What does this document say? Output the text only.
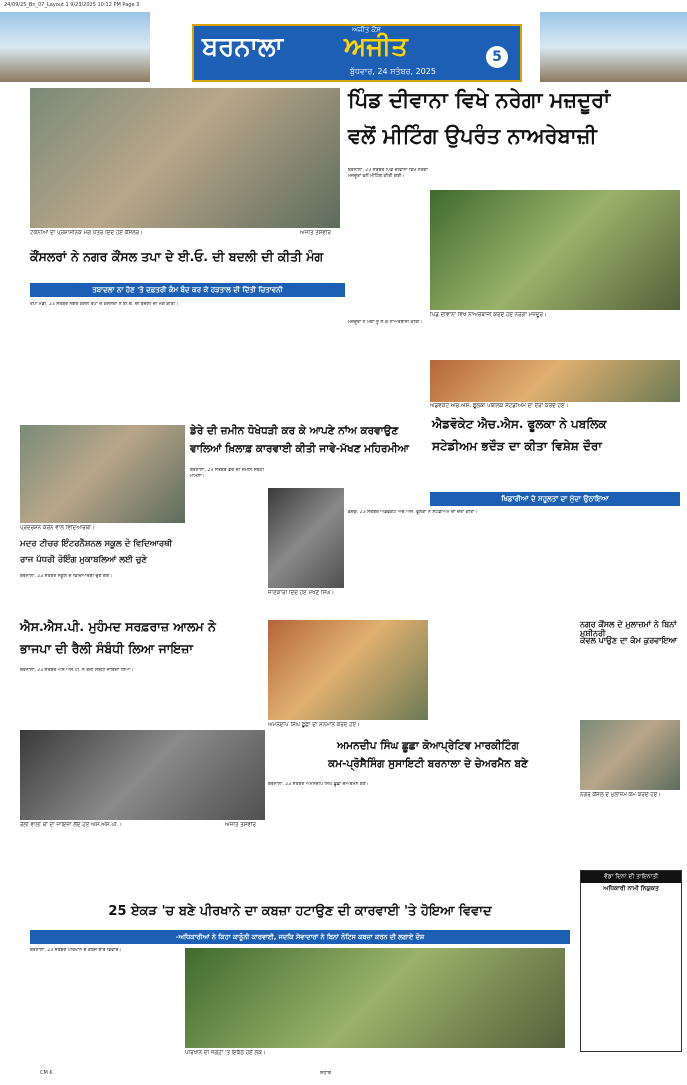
24/09/25_Bn_07_Layout 1 9/23/2025 10:12 PM Page 3
ਬਰਨਾਲਾ
ਅਜੀਤ ਕੌਂਸ
ਅਜੀਤ
ਬੁੱਧਵਾਰ, 24 ਸਤੰਬਰ, 2025
5
ਟੋਕੇਨੀਆਂ ਦਾ ਪ੍ਰਸ਼ਾਸਨਿਕ ਮੰਗ ਪੱਤਰ ਦਿੰਦੇ ਹੋਏ ਕੌਂਸਲਰ।	ਅਜੀਤ ਤਸਵੀਰ
ਪਿੰਡ ਦੀਵਾਨਾ ਵਿਖੇ ਨਰੇਗਾ ਮਜ਼ਦੂਰਾਂ
ਵਲੋਂ ਮੀਟਿੰਗ ਉਪਰੰਤ ਨਾਅਰੇਬਾਜ਼ੀ
ਬਰਨਾਲਾ, 23 ਸਤੰਬਰ ਪਿੰਡ ਦੀਵਾਨਾ ਵਿਖੇ ਨਰੇਗਾ ਮਜ਼ਦੂਰਾਂ ਵਲੋਂ ਮੀਟਿੰਗ ਕੀਤੀ ਗਈ।
ਪਿੰਡ ਦੀਵਾਨਾ ਵਿਖੇ ਨਾਅਰੇਬਾਜ਼ੀ ਕਰਦੇ ਹੋਏ ਨਰੇਗਾ ਮਜ਼ਦੂਰ।
ਕੌਂਸਲਰਾਂ ਨੇ ਨਗਰ ਕੌਂਸਲ ਤਪਾ ਦੇ ਈ.ਓ. ਦੀ ਬਦਲੀ ਦੀ ਕੀਤੀ ਮੰਗ
ਤਬਾਦਲਾ ਨਾ ਹੋਣ 'ਤੇ ਦਫ਼ਤਰੀ ਕੰਮ ਬੰਦ ਕਰ ਕੇ ਹੜਤਾਲ ਦੀ ਦਿੱਤੀ ਚਿਤਾਵਨੀ
ਤਪਾ ਮੰਡੀ, 23 ਸਤੰਬਰ ਨਗਰ ਕੌਂਸਲ ਤਪਾ ਦੇ ਕੌਂਸਲਰਾਂ ਨੇ ਈ.ਓ. ਦੀ ਬਦਲੀ ਦੀ ਮੰਗ ਕੀਤੀ।
ਮਜ਼ਦੂਰਾਂ ਨੇ ਮੰਗਾਂ ਨੂੰ ਲੈ ਕੇ ਨਾਅਰੇਬਾਜ਼ੀ ਕੀਤੀ।
ਐਡਵੋਕੇਟ ਐਚ.ਐਸ. ਫੂਲਕਾ ਪਬਲਿਕ ਸਟੇਡੀਅਮ ਦਾ ਦੌਰਾ ਕਰਦੇ ਹੋਏ।
ਡੇਰੇ ਦੀ ਜ਼ਮੀਨ ਧੋਖੇਧੜੀ ਕਰ ਕੇ ਆਪਣੇ ਨਾਂਅ ਕਰਵਾਉਣ
ਵਾਲਿਆਂ ਖ਼ਿਲਾਫ਼ ਕਾਰਵਾਈ ਕੀਤੀ ਜਾਵੇ-ਮੱਖਣ ਮਹਿਰਮੀਆ
ਜਾਣਕਾਰੀ ਦਿੰਦੇ ਹੋਏ ਮੱਖਣ ਸਿੰਘ।
ਬਰਨਾਲਾ, 23 ਸਤੰਬਰ ਡੇਰੇ ਦੀ ਜ਼ਮੀਨ ਸੰਬੰਧੀ ਮਾਮਲਾ।
ਪ੍ਰਦਰਸ਼ਨ ਕਰਨ ਵਾਲੇ ਵਿਦਿਆਰਥੀ।
ਮਦਰ ਟੀਚਰ ਇੰਟਰਨੈਸ਼ਨਲ ਸਕੂਲ ਦੇ ਵਿਦਿਆਰਥੀ
ਰਾਜ ਪੱਧਰੀ ਰੋਇੰਗ ਮੁਕਾਬਲਿਆਂ ਲਈ ਚੁਣੇ
ਬਰਨਾਲਾ, 23 ਸਤੰਬਰ ਸਕੂਲ ਦੇ ਵਿਦਿਆਰਥੀ ਚੁਣੇ ਗਏ।
ਐਡਵੋਕੇਟ ਐਚ.ਐਸ. ਫੂਲਕਾ ਨੇ ਪਬਲਿਕ
ਸਟੇਡੀਅਮ ਭਦੌੜ ਦਾ ਕੀਤਾ ਵਿਸ਼ੇਸ਼ ਦੌਰਾ
ਖਿਡਾਰੀਆਂ ਦੇ ਸਹੂਲਤਾਂ ਦਾ ਮੁੱਦਾ ਉਠਾਇਆ
ਭਦੌੜ, 23 ਸਤੰਬਰ ਐਡਵੋਕੇਟ ਐਚ.ਐਸ. ਫੂਲਕਾ ਨੇ ਸਟੇਡੀਅਮ ਦਾ ਦੌਰਾ ਕੀਤਾ।
ਐਸ.ਐਸ.ਪੀ. ਮੁਹੰਮਦ ਸਰਫ਼ਰਾਜ਼ ਆਲਮ ਨੇ
ਭਾਜਪਾ ਦੀ ਰੈਲੀ ਸੰਬੰਧੀ ਲਿਆ ਜਾਇਜ਼ਾ
ਬਰਨਾਲਾ, 23 ਸਤੰਬਰ ਐਸ.ਐਸ.ਪੀ. ਨੇ ਰੈਲੀ ਸੰਬੰਧੀ ਜਾਇਜ਼ਾ ਲਿਆ।
ਰੈਲੀ ਵਾਲੀ ਥਾਂ ਦਾ ਜਾਇਜ਼ਾ ਲੈਂਦੇ ਹੋਏ ਐਸ.ਐਸ.ਪੀ.।	ਅਜੀਤ ਤਸਵੀਰ
ਅਮਨਦੀਪ ਸਿੰਘ ਛੂਛਾ ਦਾ ਸਨਮਾਨ ਕਰਦੇ ਹੋਏ।
ਅਮਨਦੀਪ ਸਿੰਘ ਛੂਛਾ ਕੋਆਪ੍ਰੇਟਿਵ ਮਾਰਕੀਟਿੰਗ
ਕਮ-ਪ੍ਰੋਸੈਸਿੰਗ ਸੁਸਾਇਟੀ ਬਰਨਾਲਾ ਦੇ ਚੇਅਰਮੈਨ ਬਣੇ
ਬਰਨਾਲਾ, 23 ਸਤੰਬਰ ਅਮਨਦੀਪ ਸਿੰਘ ਛੂਛਾ ਚੇਅਰਮੈਨ ਬਣੇ।
ਨਗਰ ਕੌਂਸਲ ਦੇ ਮੁਲਾਜ਼ਮਾਂ ਨੇ ਬਿਨਾਂ ਮਸ਼ੀਨਰੀ
ਕੇਵਲ ਪਾਉਣ ਦਾ ਕੰਮ ਕੁਰਵਾਇਆ
ਨਗਰ ਕੌਂਸਲ ਦੇ ਮੁਲਾਜ਼ਮ ਕੰਮ ਕਰਦੇ ਹੋਏ।
ਵੱਡਾ ਦਿਨਾਂ ਦੀ ਤਾਇਨਾਤੀ
ਅਧਿਕਾਰੀ ਨਾਮੀ ਨਿਯੁਕਤ
25 ਏਕੜ 'ਚ ਬਣੇ ਪੀਰਖਾਨੇ ਦਾ ਕਬਜ਼ਾ ਹਟਾਉਣ ਦੀ ਕਾਰਵਾਈ 'ਤੇ ਹੋਇਆ ਵਿਵਾਦ
-ਅਧਿਕਾਰੀਆਂ ਨੇ ਕਿਹਾ ਕਾਨੂੰਨੀ ਕਾਰਵਾਈ, ਜਦਕਿ ਸੇਵਾਦਾਰਾਂ ਨੇ ਬਿਨਾਂ ਨੋਟਿਸ ਕਬਜ਼ਾ ਕਰਨ ਦੀ ਲਗਾਏ ਦੋਸ਼
ਬਰਨਾਲਾ, 23 ਸਤੰਬਰ ਪੀਰਖਾਨੇ ਦੇ ਕਬਜ਼ੇ ਬਾਰੇ ਵਿਵਾਦ।
ਪੀਰਖਾਨੇ ਦੀ ਜਗ੍ਹਾ 'ਤੇ ਇਕੱਠੇ ਹੋਏ ਲੋਕ।
CM K	ਸ਼ਹਾਬ
